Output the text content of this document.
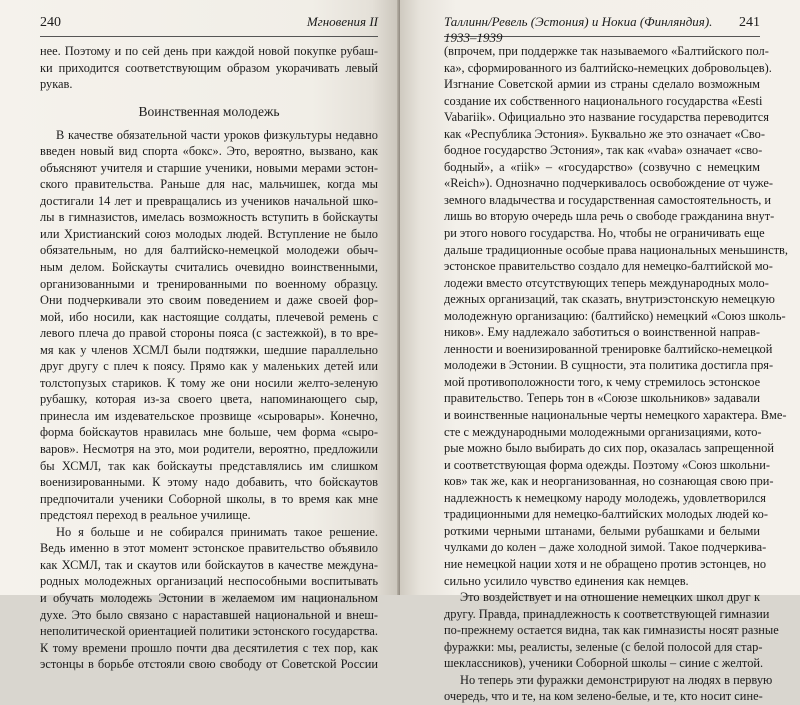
240	Мгновения II
нее. Поэтому и по сей день при каждой новой покупке рубаш-
ки приходится соответствующим образом укорачивать левый
рукав.
Воинственная молодежь
В качестве обязательной части уроков физкультуры недавно
введен новый вид спорта «бокс». Это, вероятно, вызвано, как
объясняют учителя и старшие ученики, новыми мерами эстон-
ского правительства. Раньше для нас, мальчишек, когда мы
достигали 14 лет и превращались из учеников начальной шко-
лы в гимназистов, имелась возможность вступить в бойскауты
или Христианский союз молодых людей. Вступление не было
обязательным, но для балтийско-немецкой молодежи обыч-
ным делом. Бойскауты считались очевидно воинственными,
организованными и тренированными по военному образцу.
Они подчеркивали это своим поведением и даже своей фор-
мой, ибо носили, как настоящие солдаты, плечевой ремень с
левого плеча до правой стороны пояса (с застежкой), в то вре-
мя как у членов ХСМЛ были подтяжки, шедшие параллельно
друг другу с плеч к поясу. Прямо как у маленьких детей или
толстопузых стариков. К тому же они носили желто-зеленую
рубашку, которая из-за своего цвета, напоминающего сыр,
принесла им издевательское прозвище «сыровары». Конечно,
форма бойскаутов нравилась мне больше, чем форма «сыро-
варов». Несмотря на это, мои родители, вероятно, предложили
бы ХСМЛ, так как бойскауты представлялись им слишком
военизированными. К этому надо добавить, что бойскаутов
предпочитали ученики Соборной школы, в то время как мне
предстоял переход в реальное училище.
Но я больше и не собирался принимать такое решение.
Ведь именно в этот момент эстонское правительство объявило
как ХСМЛ, так и скаутов или бойскаутов в качестве междуна-
родных молодежных организаций неспособными воспитывать
и обучать молодежь Эстонии в желаемом им национальном
духе. Это было связано с нараставшей национальной и внеш-
неполитической ориентацией политики эстонского государства.
К тому времени прошло почти два десятилетия с тех пор, как
эстонцы в борьбе отстояли свою свободу от Советской России
Таллинн/Ревель (Эстония) и Нокиа (Финляндия). 1933–1939
241
(впрочем, при поддержке так называемого «Балтийского пол-
ка», сформированного из балтийско-немецких добровольцев).
Изгнание Советской армии из страны сделало возможным
создание их собственного национального государства «Eesti
Vabariik». Официально это название государства переводится
как «Республика Эстония». Буквально же это означает «Сво-
бодное государство Эстония», так как «vaba» означает «сво-
бодный», a «riik» – «государство» (созвучно с немецким
«Reich»). Однозначно подчеркивалось освобождение от чуже-
земного владычества и государственная самостоятельность, и
лишь во вторую очередь шла речь о свободе гражданина внут-
ри этого нового государства. Но, чтобы не ограничивать еще
дальше традиционные особые права национальных меньшинств,
эстонское правительство создало для немецко-балтийской мо-
лодежи вместо отсутствующих теперь международных моло-
дежных организаций, так сказать, внутриэстонскую немецкую
молодежную организацию: (балтийско) немецкий «Союз школь-
ников». Ему надлежало заботиться о воинственной направ-
ленности и военизированной тренировке балтийско-немецкой
молодежи в Эстонии. В сущности, эта политика достигла пря-
мой противоположности того, к чему стремилось эстонское
правительство. Теперь тон в «Союзе школьников» задавали
и воинственные национальные черты немецкого характера. Вме-
сте с международными молодежными организациями, кото-
рые можно было выбирать до сих пор, оказалась запрещенной
и соответствующая форма одежды. Поэтому «Союз школьни-
ков» так же, как и неорганизованная, но сознающая свою при-
надлежность к немецкому народу молодежь, удовлетворился
традиционными для немецко-балтийских молодых людей ко-
роткими черными штанами, белыми рубашками и белыми
чулками до колен – даже холодной зимой. Такое подчеркива-
ние немецкой нации хотя и не обращено против эстонцев, но
сильно усилило чувство единения как немцев.
Это воздействует и на отношение немецких школ друг к
другу. Правда, принадлежность к соответствующей гимназии
по-прежнему остается видна, так как гимназисты носят разные
фуражки: мы, реалисты, зеленые (с белой полосой для стар-
шеклассников), ученики Соборной школы – синие с желтой.
Но теперь эти фуражки демонстрируют на людях в первую
очередь, что и те, на ком зелено-белые, и те, кто носит сине-
